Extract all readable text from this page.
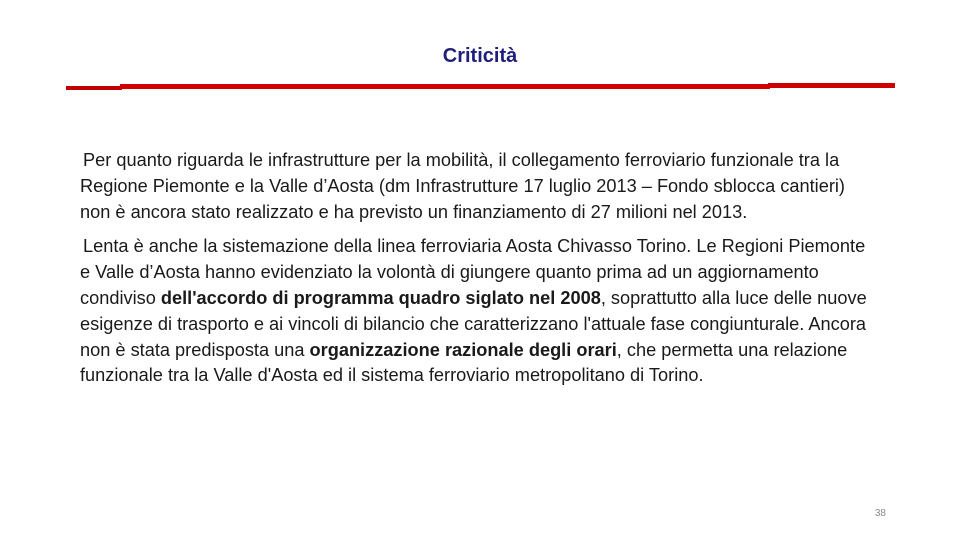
Criticità

Per quanto riguarda le infrastrutture per la mobilità, il collegamento ferroviario funzionale tra la Regione Piemonte e la Valle d’Aosta (dm Infrastrutture 17 luglio 2013 – Fondo sblocca cantieri) non è ancora stato realizzato e ha previsto un finanziamento di 27 milioni nel 2013.

Lenta è anche la sistemazione della linea ferroviaria Aosta Chivasso Torino. Le Regioni Piemonte e Valle d’Aosta hanno evidenziato la volontà di giungere quanto prima ad un aggiornamento condiviso dell'accordo di programma quadro siglato nel 2008, soprattutto alla luce delle nuove esigenze di trasporto e ai vincoli di bilancio che caratterizzano l'attuale fase congiunturale. Ancora non è stata predisposta una organizzazione razionale degli orari, che permetta una relazione funzionale tra la Valle d'Aosta ed il sistema ferroviario metropolitano di Torino.

38
